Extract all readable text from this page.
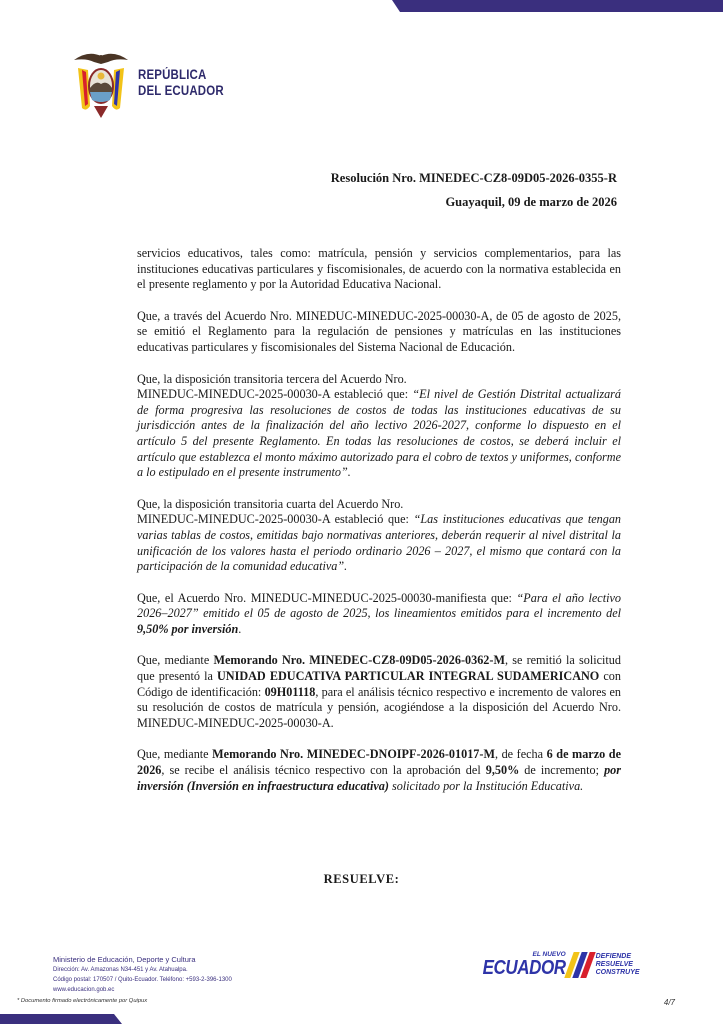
REPÚBLICA
DEL ECUADOR
Resolución Nro. MINEDEC-CZ8-09D05-2026-0355-R
Guayaquil, 09 de marzo de 2026

servicios educativos, tales como: matrícula, pensión y servicios complementarios, para las instituciones educativas particulares y fiscomisionales, de acuerdo con la normativa establecida en el presente reglamento y por la Autoridad Educativa Nacional.

Que, a través del Acuerdo Nro. MINEDUC-MINEDUC-2025-00030-A, de 05 de agosto de 2025, se emitió el Reglamento para la regulación de pensiones y matrículas en las instituciones educativas particulares y fiscomisionales del Sistema Nacional de Educación.

Que, la disposición transitoria tercera del Acuerdo Nro.
MINEDUC-MINEDUC-2025-00030-A estableció que: “El nivel de Gestión Distrital actualizará de forma progresiva las resoluciones de costos de todas las instituciones educativas de su jurisdicción antes de la finalización del año lectivo 2026-2027, conforme lo dispuesto en el artículo 5 del presente Reglamento. En todas las resoluciones de costos, se deberá incluir el artículo que establezca el monto máximo autorizado para el cobro de textos y uniformes, conforme a lo estipulado en el presente instrumento”.

Que, la disposición transitoria cuarta del Acuerdo Nro.
MINEDUC-MINEDUC-2025-00030-A estableció que: “Las instituciones educativas que tengan varias tablas de costos, emitidas bajo normativas anteriores, deberán requerir al nivel distrital la unificación de los valores hasta el periodo ordinario 2026 – 2027, el mismo que contará con la participación de la comunidad educativa”.

Que, el Acuerdo Nro. MINEDUC-MINEDUC-2025-00030-manifiesta que: “Para el año lectivo 2026–2027” emitido el 05 de agosto de 2025, los lineamientos emitidos para el incremento del 9,50% por inversión.

Que, mediante Memorando Nro. MINEDEC-CZ8-09D05-2026-0362-M, se remitió la solicitud que presentó la UNIDAD EDUCATIVA PARTICULAR INTEGRAL SUDAMERICANO con Código de identificación: 09H01118, para el análisis técnico respectivo e incremento de valores en su resolución de costos de matrícula y pensión, acogiéndose a la disposición del Acuerdo Nro. MINEDUC-MINEDUC-2025-00030-A.

Que, mediante Memorando Nro. MINEDEC-DNOIPF-2026-01017-M, de fecha 6 de marzo de 2026, se recibe el análisis técnico respectivo con la aprobación del 9,50% de incremento; por inversión (Inversión en infraestructura educativa) solicitado por la Institución Educativa.

RESUELVE:
Ministerio de Educación, Deporte y Cultura
Dirección: Av. Amazonas N34-451 y Av. Atahualpa.
Código postal: 170507 / Quito-Ecuador. Teléfono: +593-2-396-1300
www.educacion.gob.ec
* Documento firmado electrónicamente por Quipux
EL NUEVO
ECUADOR
DEFIENDE
RESUELVE
CONSTRUYE
4/7
